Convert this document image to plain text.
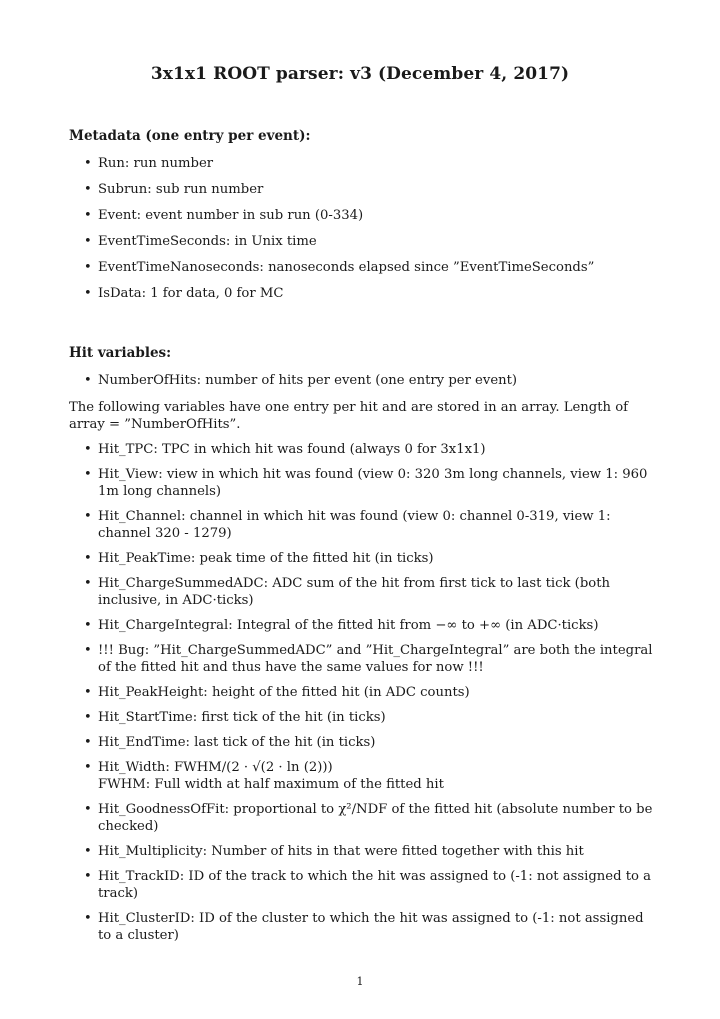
3x1x1 ROOT parser: v3 (December 4, 2017)
Metadata (one entry per event):
• Run: run number
• Subrun: sub run number
• Event: event number in sub run (0-334)
• EventTimeSeconds: in Unix time
• EventTimeNanoseconds: nanoseconds elapsed since ”EventTimeSeconds”
• IsData: 1 for data, 0 for MC
Hit variables:
• NumberOfHits: number of hits per event (one entry per event)

The following variables have one entry per hit and are stored in an array. Length of array = ”NumberOfHits”.

• Hit_TPC: TPC in which hit was found (always 0 for 3x1x1)
• Hit_View: view in which hit was found (view 0: 320 3m long channels, view 1: 960 1m long channels)
• Hit_Channel: channel in which hit was found (view 0: channel 0-319, view 1: channel 320 - 1279)
• Hit_PeakTime: peak time of the fitted hit (in ticks)
• Hit_ChargeSummedADC: ADC sum of the hit from first tick to last tick (both inclusive, in ADC·ticks)
• Hit_ChargeIntegral: Integral of the fitted hit from −∞ to +∞ (in ADC·ticks)
• !!! Bug: ”Hit_ChargeSummedADC” and ”Hit_ChargeIntegral” are both the integral of the fitted hit and thus have the same values for now !!!
• Hit_PeakHeight: height of the fitted hit (in ADC counts)
• Hit_StartTime: first tick of the hit (in ticks)
• Hit_EndTime: last tick of the hit (in ticks)
• Hit_Width: FWHM/(2 · √(2 · ln (2)))
FWHM: Full width at half maximum of the fitted hit
• Hit_GoodnessOfFit: proportional to χ²/NDF of the fitted hit (absolute number to be checked)
• Hit_Multiplicity: Number of hits in that were fitted together with this hit
• Hit_TrackID: ID of the track to which the hit was assigned to (-1: not assigned to a track)
• Hit_ClusterID: ID of the cluster to which the hit was assigned to (-1: not assigned to a cluster)
1
